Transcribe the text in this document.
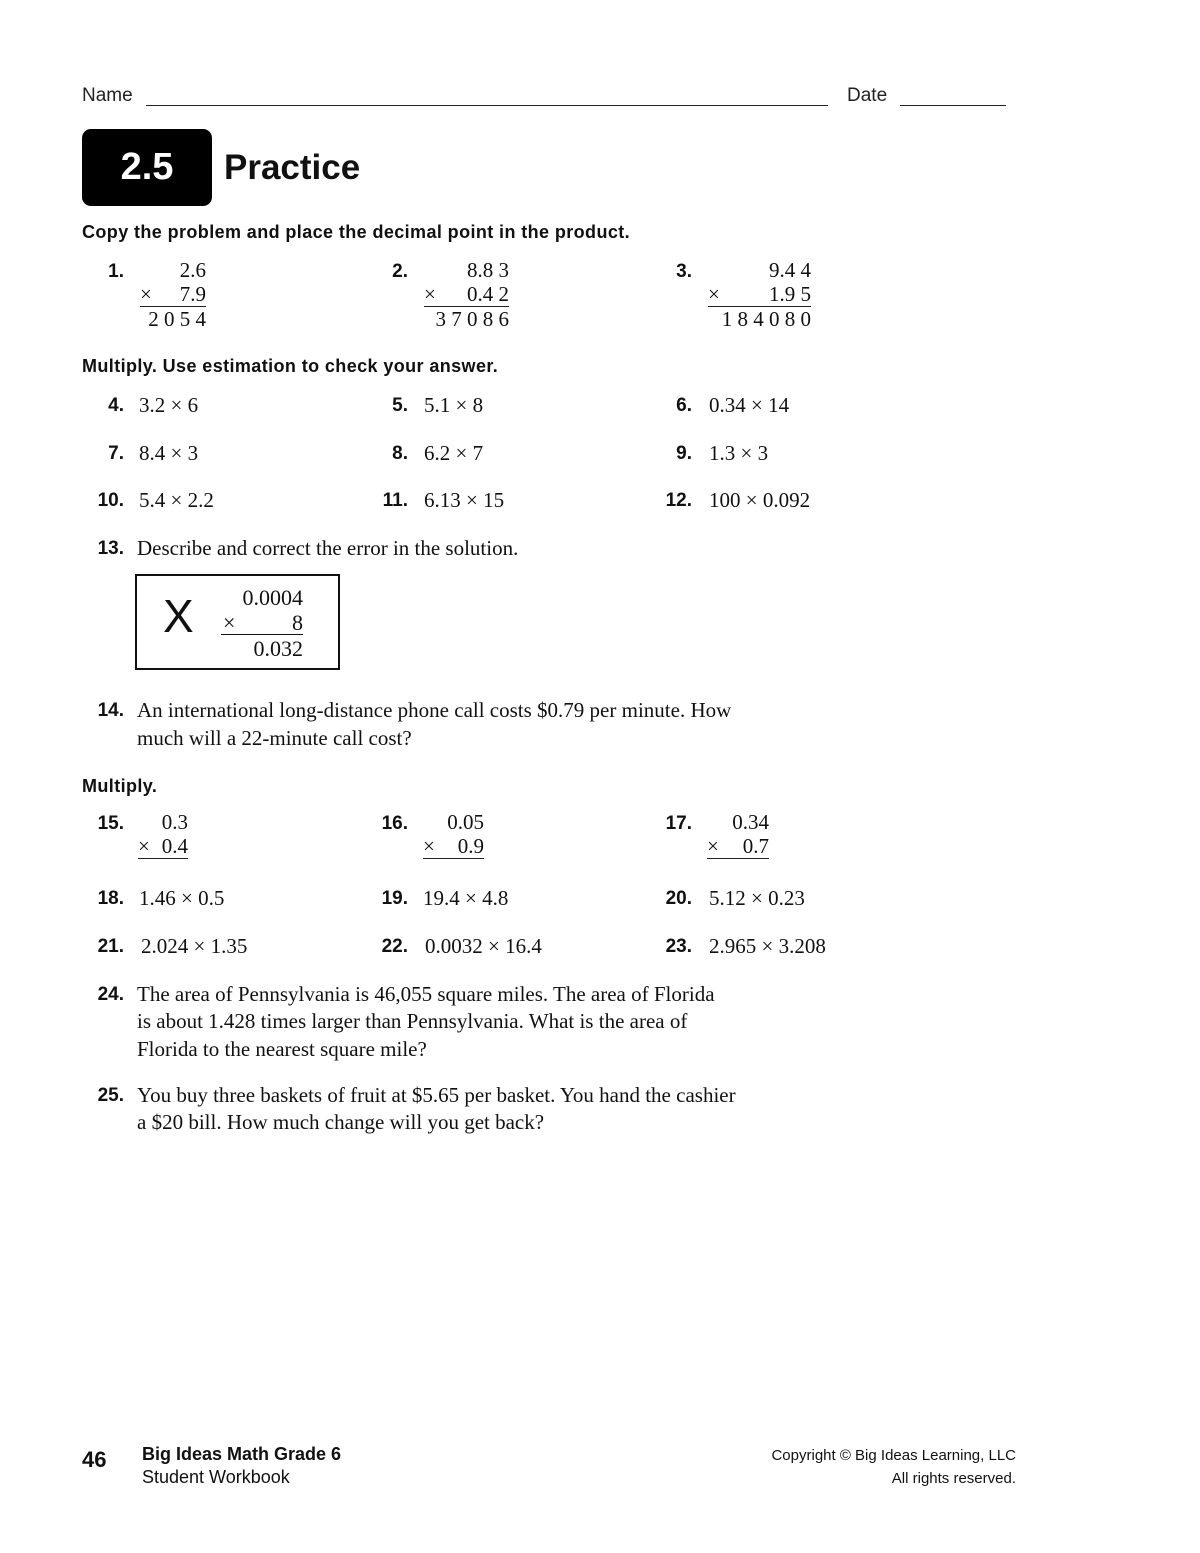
Name	Date
2.5 Practice
Copy the problem and place the decimal point in the product.
1.	2.6
× 7.9
2 0 5 4
2.	8.8 3
× 0.4 2
3 7 0 8 6
3.	9.4 4
× 1.9 5
1 8 4 0 8 0
Multiply. Use estimation to check your answer.
4. 3.2 × 6	5. 5.1 × 8	6. 0.34 × 14
7. 8.4 × 3	8. 6.2 × 7	9. 1.3 × 3
10. 5.4 × 2.2	11. 6.13 × 15	12. 100 × 0.092
13. Describe and correct the error in the solution.
X	0.0004
×	8
0.032
14. An international long-distance phone call costs $0.79 per minute. How
much will a 22-minute call cost?
Multiply.
15.	0.3
× 0.4
16.	0.05
× 0.9
17.	0.34
× 0.7
18. 1.46 × 0.5	19. 19.4 × 4.8	20. 5.12 × 0.23
21. 2.024 × 1.35	22. 0.0032 × 16.4	23. 2.965 × 3.208
24. The area of Pennsylvania is 46,055 square miles. The area of Florida
is about 1.428 times larger than Pennsylvania. What is the area of
Florida to the nearest square mile?
25. You buy three baskets of fruit at $5.65 per basket. You hand the cashier
a $20 bill. How much change will you get back?
46 Big Ideas Math Grade 6
Student Workbook
Copyright © Big Ideas Learning, LLC
All rights reserved.
